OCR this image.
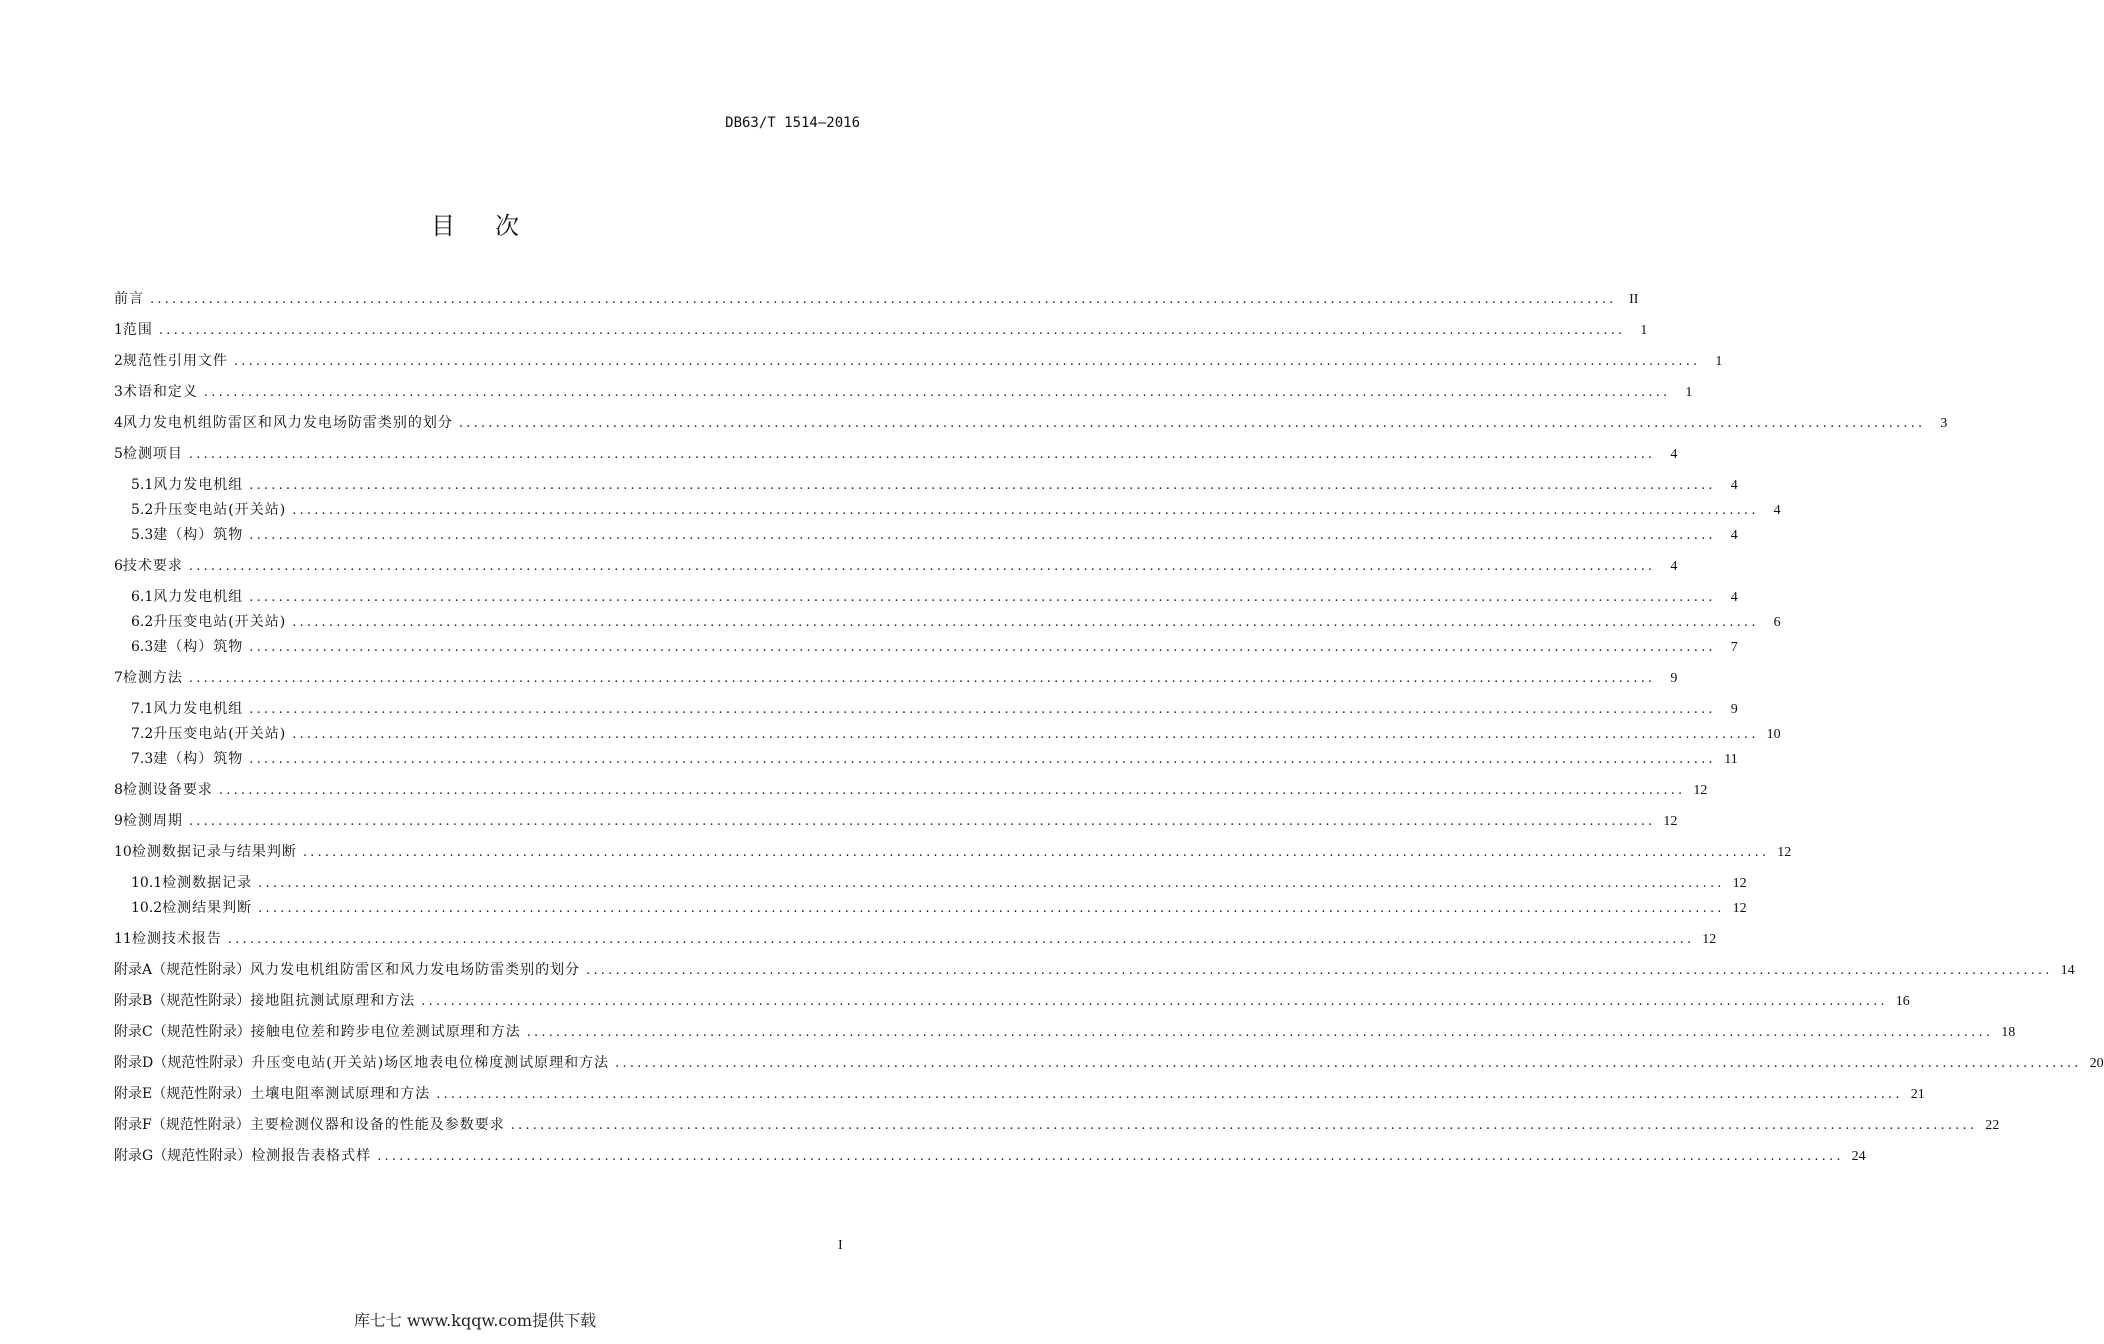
DB63/T 1514—2016
目次
前言 ........................................................................................................................................................................................................ II
1 范围 ........................................................................................................................................................................................................	1
2 规范性引用文件 ........................................................................................................................................................................................................	1
3 术语和定义 ........................................................................................................................................................................................................	1
4 风力发电机组防雷区和风力发电场防雷类别的划分 ........................................................................................................................................................................................................	3
5 检测项目 ........................................................................................................................................................................................................	4
5.1 风力发电机组 ........................................................................................................................................................................................................	4
5.2 升压变电站(开关站) ........................................................................................................................................................................................................	4
5.3 建（构）筑物 ........................................................................................................................................................................................................	4
6 技术要求 ........................................................................................................................................................................................................	4
6.1 风力发电机组 ........................................................................................................................................................................................................	4
6.2 升压变电站(开关站) ........................................................................................................................................................................................................	6
6.3 建（构）筑物 ........................................................................................................................................................................................................	7
7 检测方法 ........................................................................................................................................................................................................	9
7.1 风力发电机组 ........................................................................................................................................................................................................	9
7.2 升压变电站(开关站) ........................................................................................................................................................................................................ 10
7.3 建（构）筑物 ........................................................................................................................................................................................................ 11
8 检测设备要求 ........................................................................................................................................................................................................ 12
9 检测周期 ........................................................................................................................................................................................................ 12
10 检测数据记录与结果判断 ........................................................................................................................................................................................................ 12
10.1 检测数据记录 ........................................................................................................................................................................................................ 12
10.2 检测结果判断 ........................................................................................................................................................................................................ 12
11 检测技术报告 ........................................................................................................................................................................................................ 12
附录A（规范性附录） 风力发电机组防雷区和风力发电场防雷类别的划分 ........................................................................................................................................................................................................ 14
附录B（规范性附录） 接地阻抗测试原理和方法 ........................................................................................................................................................................................................ 16
附录C（规范性附录） 接触电位差和跨步电位差测试原理和方法 ........................................................................................................................................................................................................ 18
附录D（规范性附录） 升压变电站(开关站)场区地表电位梯度测试原理和方法 ........................................................................................................................................................................................................ 20
附录E（规范性附录） 土壤电阻率测试原理和方法 ........................................................................................................................................................................................................ 21
附录F（规范性附录） 主要检测仪器和设备的性能及参数要求 ........................................................................................................................................................................................................ 22
附录G（规范性附录） 检测报告表格式样 ........................................................................................................................................................................................................ 24
I
库七七 www.kqqw.com提供下载
